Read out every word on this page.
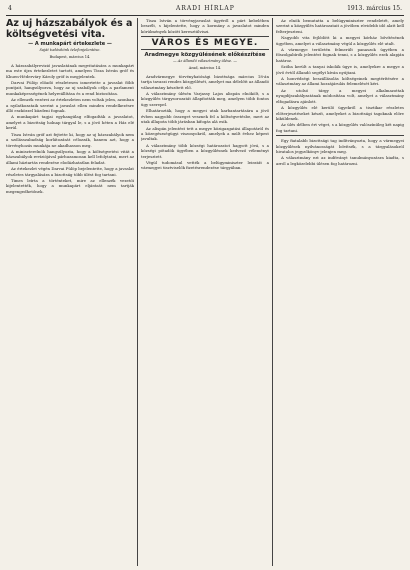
4	ARADI HÍRLAP	1913. március 15.
Az uj házszabályok és a költségvetési vita.
— A munkapárt értekezlete —
Saját tudósítónk telefonjelentése.
Budapest, március 14.

A házszabályrevizió javaslatának megvitatására a munkapárt ma este újra értekezletet tartott, amelyen Tisza István gróf és Khuen-Héderváry Károly gróf is megjelentek.

Darvai Fülöp előadó részletesen ismertette a javaslat főbb pontjait, hangsúlyozva, hogy az uj szabályok célja a parlament munkaképességének helyreállítása és a rend biztosítása.

Az ellenzék vezérei az értekezleten nem voltak jelen, azonban a nyilatkozataik szerint a javaslat ellen minden rendelkezésre álló eszközzel küzdeni fognak.

A munkapárt tagjai egyhangúlag elfogadták a javaslatot, amelyet a bizottság holnap tárgyal le, s a jövő héten a Ház elé kerül.

Tisza István gróf azt fejtette ki, hogy az uj házszabályok nem a szólásszabadság korlátozását célozzák, hanem azt, hogy a törvényhozás munkája ne akadhasson meg.

A miniszterelnök hangsúlyozta, hogy a költségvetési vitát a házszabályok revíziójával párhuzamosan kell lefolytatni, mert az állami háztartás rendezése elodázhatatlan feladat.

Az értekezlet végén Darvai Fülöp bejelentette, hogy a javaslat részletes tárgyalására a bizottság több ülést fog tartani.

Times leírta a történteket, mire az ellenzék vezetői kijelentették, hogy a munkapárt eljárását nem tartják megengedhetőnek.

Tisza István a törvényjavaslat ügyéről a párt kebelében beszélt, s kijelentette, hogy a kormány a javaslatot minden körülmények között keresztülviszi.

VÁROS ÉS MEGYE.
Aradmegye közgyülésének előkészítése
— Az állandó választmány ülése. —
Arad, március 14.

Aradvármegye törvényhatósági bizottsága március 18-án tartja tavaszi rendes közgyűlését, amelyet ma délelőtt az állandó választmány készített elő.

A választmány ülésén Varjassy Lajos alispán elnökölt, s a közgyűlés tárgysorozatát állapították meg, amelyen több fontos ügy szerepel.

Elhatározták, hogy a megyei utak karbantartására a jövő évben nagyobb összeget vesznek fel a költségvetésbe, mert az utak állapota több járásban kifogás alá esik.

Az alispán jelentést tett a megye közigazgatási állapotáról és a közegészségügyi viszonyokról, amelyek a múlt évhez képest javultak.

A választmány több községi határozatot hagyott jóvá, s a községi pótadók ügyében a közgyűlésnek kedvező véleményt terjesztett.

Végül tudomásul vették a belügyminiszter leiratát a vármegyei tisztviselők fizetésrendezése tárgyában.

Az elnök bemutatta a belügyminiszter rendeletét, amely szerint a közgyűlés határozatait a jövőben rövidebb idő alatt kell felterjeszteni.

Nagyobb vita fejlődött ki a megyei kórház bővítésének ügyében, amelyet a választmány végül a közgyűlés elé utalt.

A vármegye területén felmerült panaszok ügyében a főszolgabírók jelentést fognak tenni, s a közgyűlés ezek alapján határoz.

Szóba került a tanyai iskolák ügye is, amelyekre a megye a jövő évtől állandó segélyt kíván nyújtani.

A honvédségi beszállásolás költségeinek megtérítésére a választmány az állami hozzájárulás felemelését kéri.

Az utolsó tárgy a megyei alkalmazottak nyugdíjszabályzatának módosítása volt, amelyet a választmány elfogadásra ajánlott.

A közgyűlés elé kerülő ügyekről a tisztikar részletes előterjesztéseket készít, amelyeket a bizottsági tagoknak előre kiküldenek.

Az ülés délben ért véget, s a közgyűlés valószínűleg két napig fog tartani.

Egy fiatalabb bizottsági tag indítványozta, hogy a vármegyei közgyűlések nyilvánosságát bővítsék, s a tárgyalásokról hivatalos jegyzőkönyv jelenjen meg.

A választmány ezt az indítványt tanulmányozásra kiadta, s arról a legközelebbi ülésen fog határozni.
